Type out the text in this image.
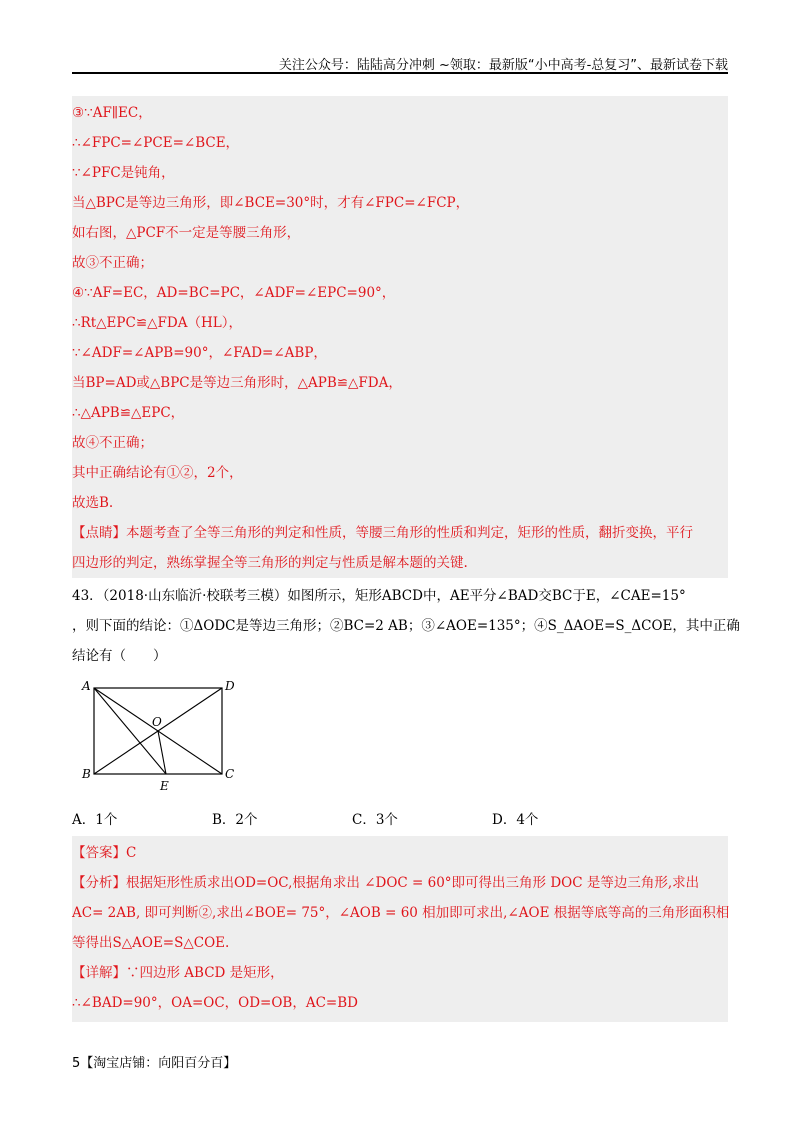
关注公众号：陆陆高分冲刺 ~领取：最新版“小中高考-总复习”、最新试卷下载
③∵AF∥EC，
∴∠FPC=∠PCE=∠BCE，
∵∠PFC是钝角，
当△BPC是等边三角形，即∠BCE=30°时，才有∠FPC=∠FCP，
如右图，△PCF不一定是等腰三角形，
故③不正确；
④∵AF=EC，AD=BC=PC，∠ADF=∠EPC=90°，
∴Rt△EPC≌△FDA（HL），
∵∠ADF=∠APB=90°，∠FAD=∠ABP，
当BP=AD或△BPC是等边三角形时，△APB≌△FDA，
∴△APB≌△EPC，
故④不正确；
其中正确结论有①②，2个，
故选B.
【点睛】本题考查了全等三角形的判定和性质，等腰三角形的性质和判定，矩形的性质，翻折变换，平行
四边形的判定，熟练掌握全等三角形的判定与性质是解本题的关键.
43．（2018·山东临沂·校联考三模）如图所示，矩形ABCD中，AE平分∠BAD交BC于E，∠CAE=15°
，则下面的结论：①ΔODC是等边三角形；②BC=2 AB；③∠AOE=135°；④S_ΔAOE=S_ΔCOE，其中正确
结论有（　　）
A	D
O
B
E
C
A．1个	B．2个	C．3个	D．4个
【答案】C
【分析】根据矩形性质求出OD=OC,根据角求出 ∠DOC = 60°即可得出三角形 DOC 是等边三角形,求出
AC= 2AB, 即可判断②,求出∠BOE= 75°，∠AOB = 60 相加即可求出,∠AOE 根据等底等高的三角形面积相
等得出S△AOE=S△COE.
【详解】∵四边形 ABCD 是矩形，
∴∠BAD=90°，OA=OC，OD=OB，AC=BD
5【淘宝店铺：向阳百分百】
